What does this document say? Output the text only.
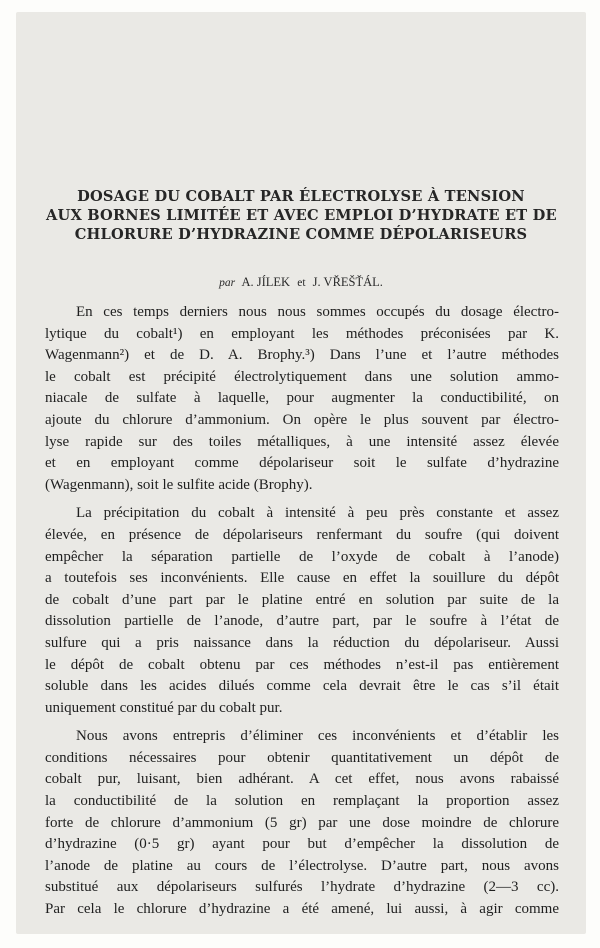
DOSAGE DU COBALT PAR ÉLECTROLYSE À TENSION
AUX BORNES LIMITÉE ET AVEC EMPLOI D’HYDRATE ET DE
CHLORURE D’HYDRAZINE COMME DÉPOLARISEURS
par A. JÍLEK et J. VŘEŠŤÁL.

En ces temps derniers nous nous sommes occupés du dosage électro-
lytique du cobalt¹) en employant les méthodes préconisées par K.
Wagenmann²) et de D. A. Brophy.³) Dans l’une et l’autre méthodes
le cobalt est précipité électrolytiquement dans une solution ammo-
niacale de sulfate à laquelle, pour augmenter la conductibilité, on
ajoute du chlorure d’ammonium. On opère le plus souvent par électro-
lyse rapide sur des toiles métalliques, à une intensité assez élevée
et en employant comme dépolariseur soit le sulfate d’hydrazine
(Wagenmann), soit le sulfite acide (Brophy).

La précipitation du cobalt à intensité à peu près constante et assez
élevée, en présence de dépolariseurs renfermant du soufre (qui doivent
empêcher la séparation partielle de l’oxyde de cobalt à l’anode)
a toutefois ses inconvénients. Elle cause en effet la souillure du dépôt
de cobalt d’une part par le platine entré en solution par suite de la
dissolution partielle de l’anode, d’autre part, par le soufre à l’état de
sulfure qui a pris naissance dans la réduction du dépolariseur. Aussi
le dépôt de cobalt obtenu par ces méthodes n’est-il pas entièrement
soluble dans les acides dilués comme cela devrait être le cas s’il était
uniquement constitué par du cobalt pur.

Nous avons entrepris d’éliminer ces inconvénients et d’établir les
conditions nécessaires pour obtenir quantitativement un dépôt de
cobalt pur, luisant, bien adhérant. A cet effet, nous avons rabaissé
la conductibilité de la solution en remplaçant la proportion assez
forte de chlorure d’ammonium (5 gr) par une dose moindre de chlorure
d’hydrazine (0·5 gr) ayant pour but d’empêcher la dissolution de
l’anode de platine au cours de l’électrolyse. D’autre part, nous avons
substitué aux dépolariseurs sulfurés l’hydrate d’hydrazine (2—3 cc).
Par cela le chlorure d’hydrazine a été amené, lui aussi, à agir comme
